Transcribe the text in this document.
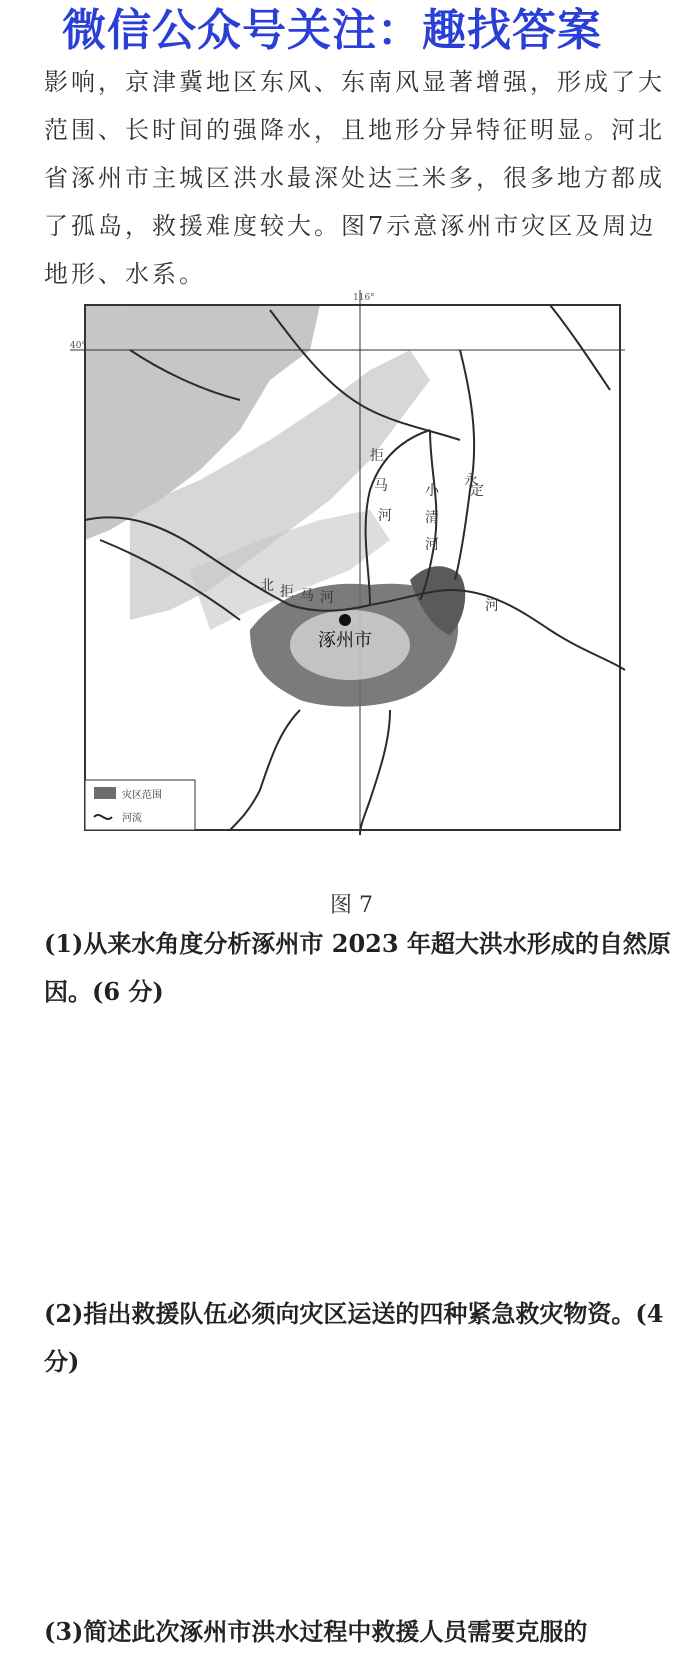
微信公众号关注：趣找答案
影响，京津冀地区东风、东南风显著增强，形成了大范围、长时间的强降水，且地形分异特征明显。河北省涿州市主城区洪水最深处达三米多，很多地方都成了孤岛，救援难度较大。图7示意涿州市灾区及周边地形、水系。
116°
40°
涿州市
拒
马
河
北 拒 马 河
小
清
河
永
定
河
灾区范围
河流
图 7
(1)从来水角度分析涿州市 2023 年超大洪水形成的自然原因。(6 分)
(2)指出救援队伍必须向灾区运送的四种紧急救灾物资。(4 分)
(3)简述此次涿州市洪水过程中救援人员需要克服的
